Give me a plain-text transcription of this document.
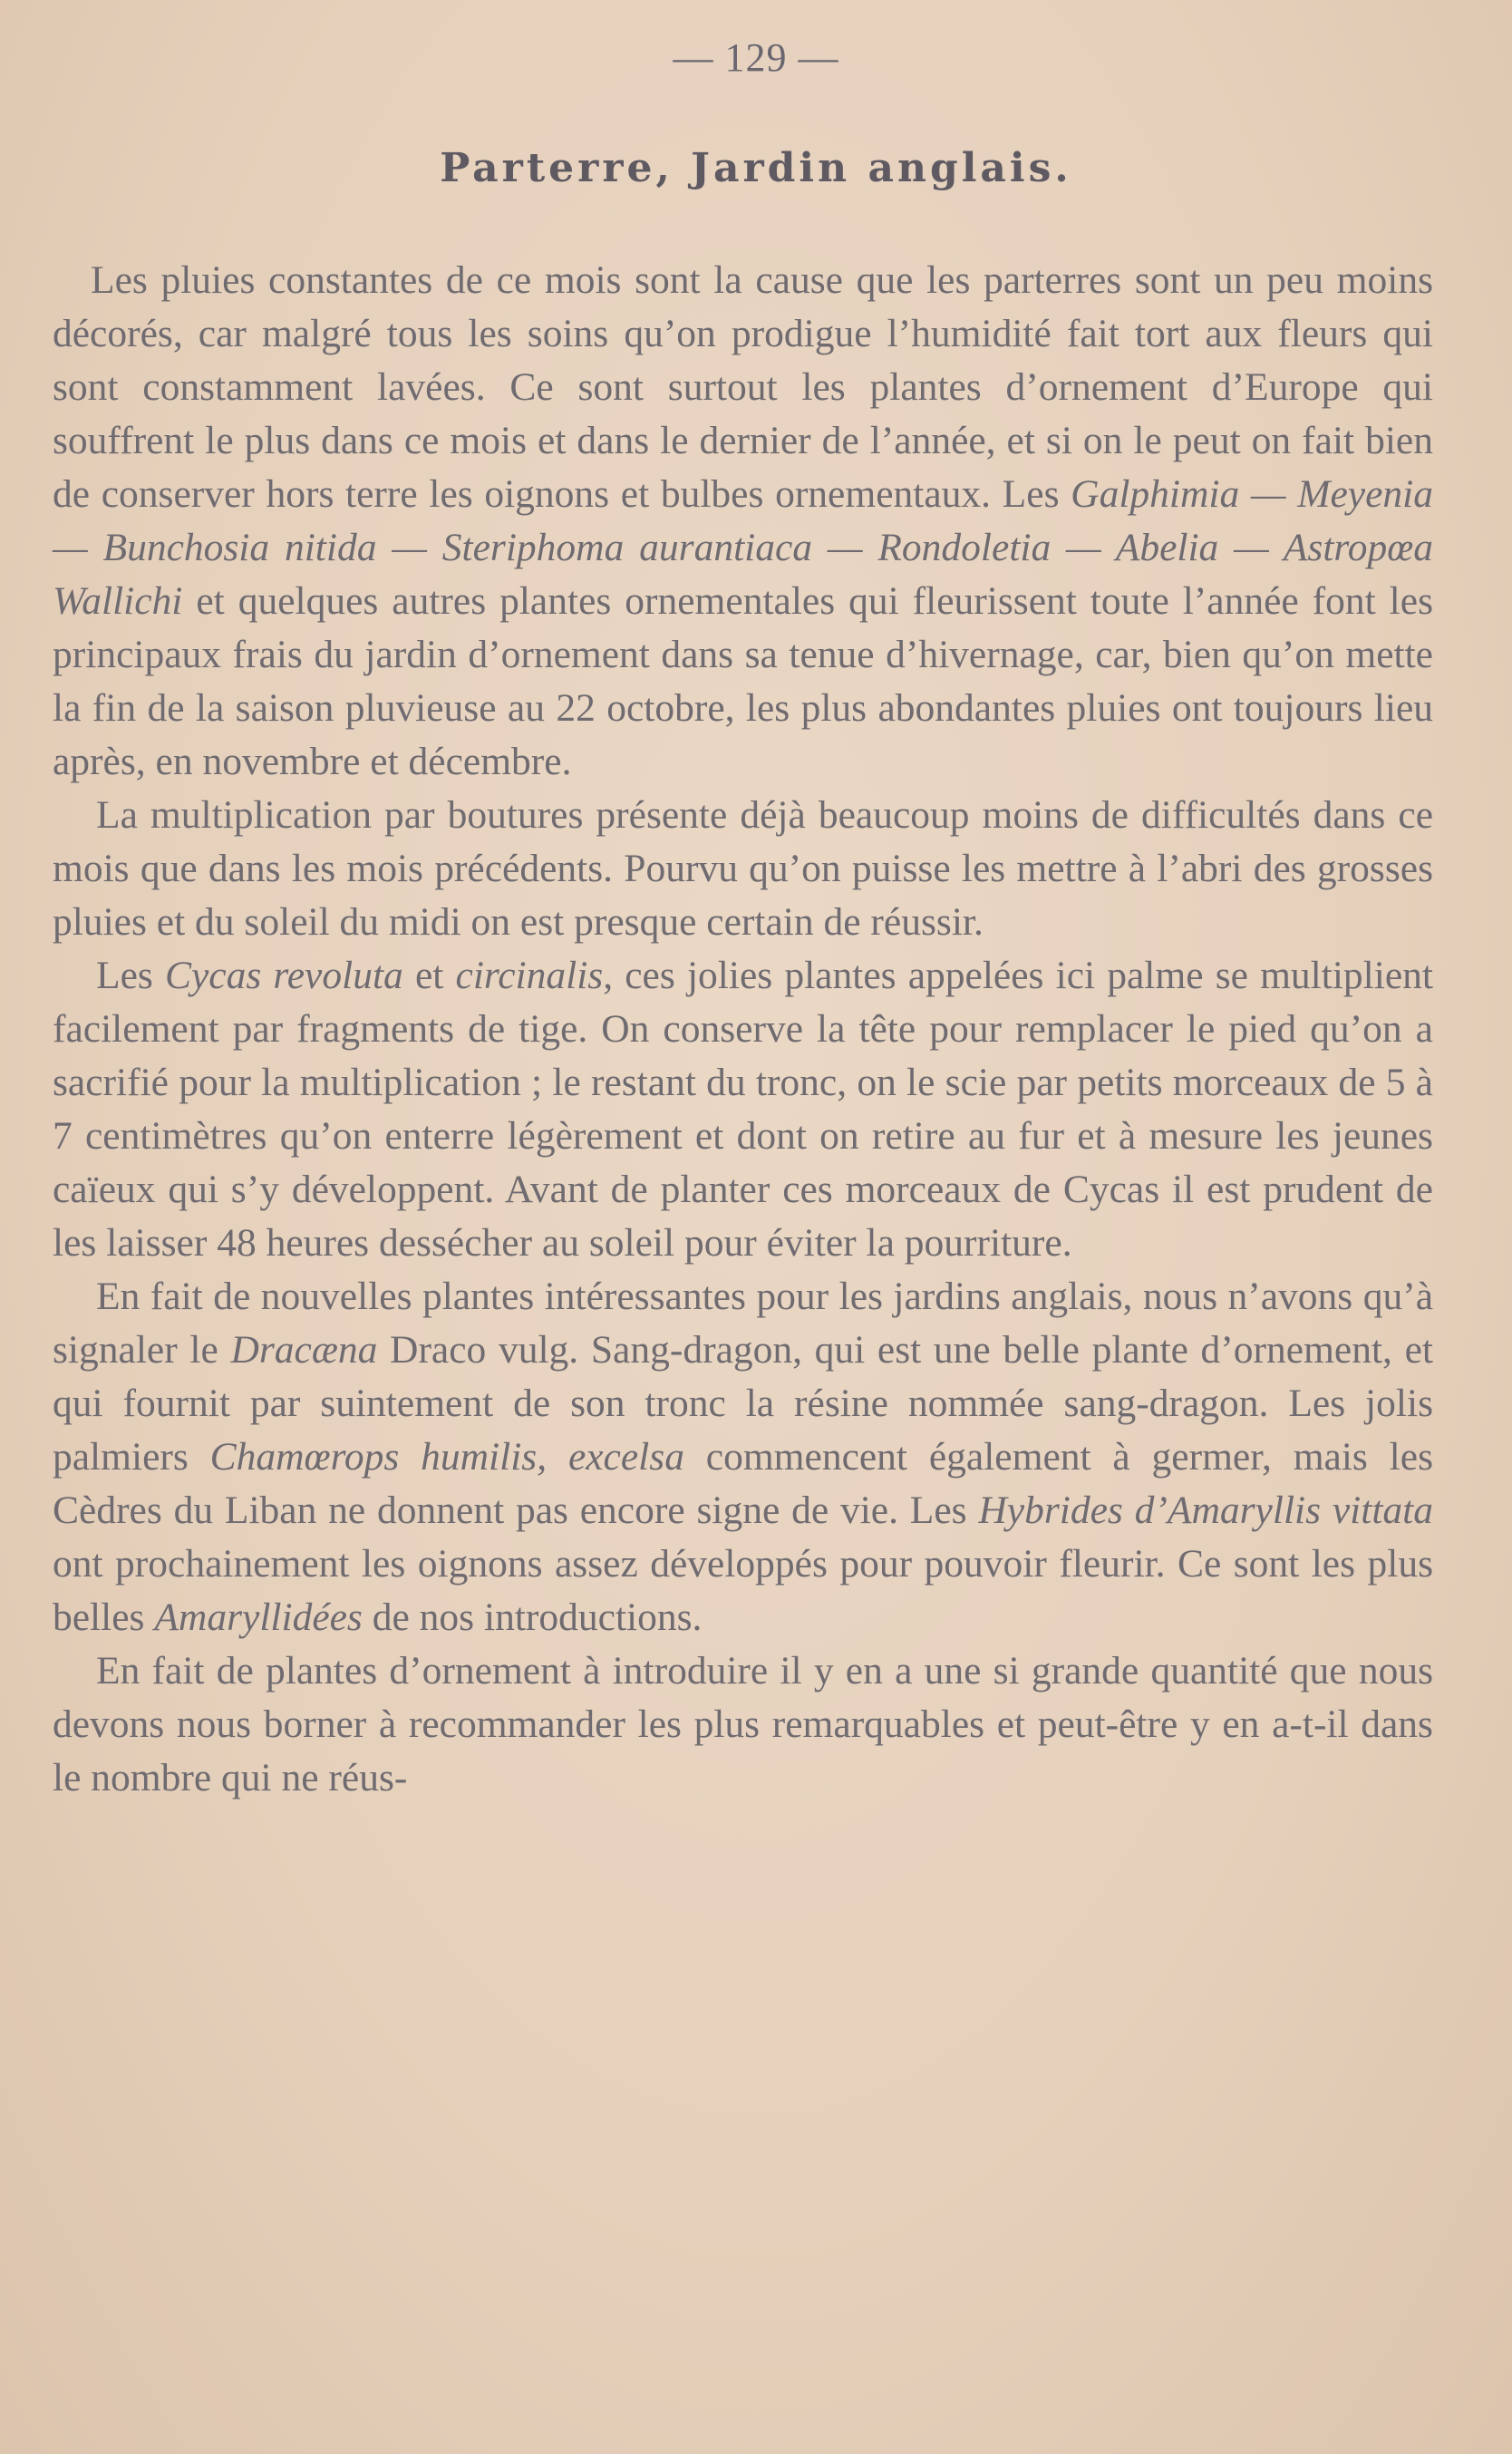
— 129 —
Parterre, Jardin anglais.

Les pluies constantes de ce mois sont la cause que les parterres sont un peu moins décorés, car malgré tous les soins qu’on prodigue l’humidité fait tort aux fleurs qui sont constamment lavées. Ce sont surtout les plantes d’ornement d’Europe qui souffrent le plus dans ce mois et dans le dernier de l’année, et si on le peut on fait bien de conserver hors terre les oignons et bulbes ornementaux. Les Galphimia — Meyenia — Bunchosia nitida — Steriphoma aurantiaca — Rondoletia — Abelia — Astropœa Wallichi et quelques autres plantes ornementales qui fleurissent toute l’année font les principaux frais du jardin d’ornement dans sa tenue d’hivernage, car, bien qu’on mette la fin de la saison pluvieuse au 22 octobre, les plus abondantes pluies ont toujours lieu après, en novembre et décembre.

La multiplication par boutures présente déjà beaucoup moins de difficultés dans ce mois que dans les mois précédents. Pourvu qu’on puisse les mettre à l’abri des grosses pluies et du soleil du midi on est presque certain de réussir.

Les Cycas revoluta et circinalis, ces jolies plantes appelées ici palme se multiplient facilement par fragments de tige. On conserve la tête pour remplacer le pied qu’on a sacrifié pour la multiplication ; le restant du tronc, on le scie par petits morceaux de 5 à 7 centimètres qu’on enterre légèrement et dont on retire au fur et à mesure les jeunes caïeux qui s’y développent. Avant de planter ces morceaux de Cycas il est prudent de les laisser 48 heures dessécher au soleil pour éviter la pourriture.

En fait de nouvelles plantes intéressantes pour les jardins anglais, nous n’avons qu’à signaler le Dracæna Draco vulg. Sang-dragon, qui est une belle plante d’ornement, et qui fournit par suintement de son tronc la résine nommée sang-dragon. Les jolis palmiers Chamœrops humilis, excelsa commencent également à germer, mais les Cèdres du Liban ne donnent pas encore signe de vie. Les Hybrides d’Amaryllis vittata ont prochainement les oignons assez développés pour pouvoir fleurir. Ce sont les plus belles Amaryllidées de nos introductions.

En fait de plantes d’ornement à introduire il y en a une si grande quantité que nous devons nous borner à recommander les plus remarquables et peut-être y en a-t-il dans le nombre qui ne réus-
